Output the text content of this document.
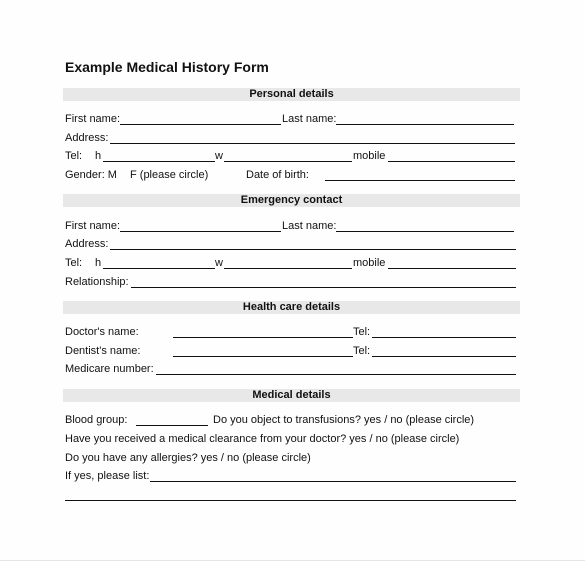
Example Medical History Form
Personal details
First name:	Last name:
Address:
Tel: h	w	mobile
Gender: M F (please circle)	Date of birth:
Emergency contact
First name:	Last name:
Address:
Tel: h	w	mobile
Relationship:
Health care details
Doctor's name:	Tel:
Dentist's name:	Tel:
Medicare number:
Medical details
Blood group:	Do you object to transfusions? yes / no (please circle)
Have you received a medical clearance from your doctor? yes / no (please circle)
Do you have any allergies? yes / no (please circle)
If yes, please list:
